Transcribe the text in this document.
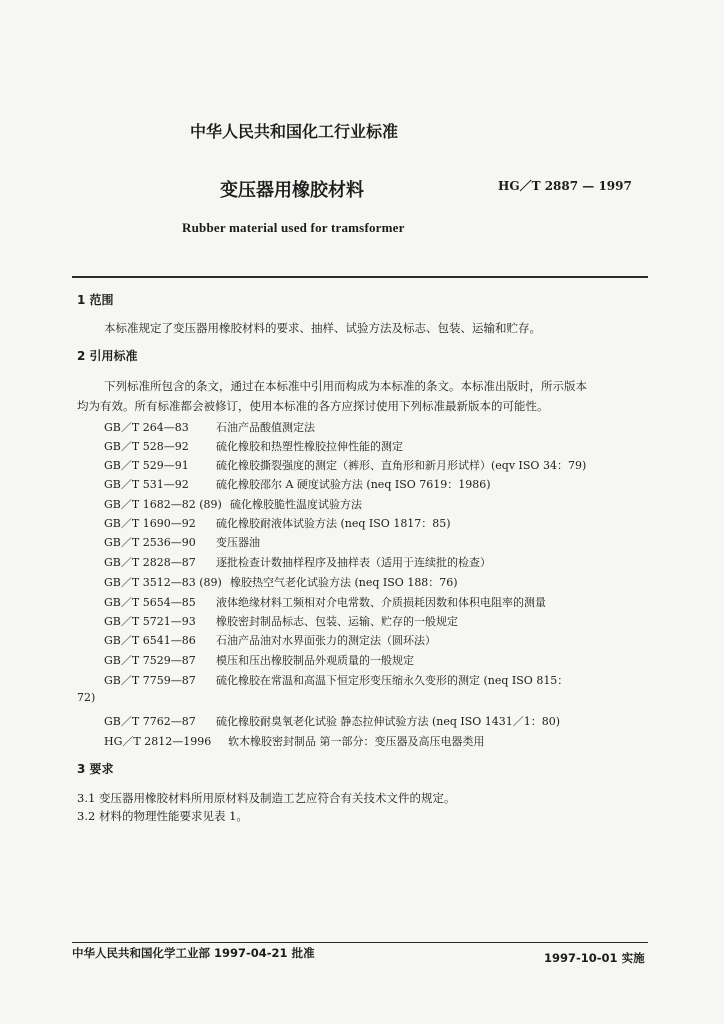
中华人民共和国化工行业标准
变压器用橡胶材料	HG／T 2887 — 1997
Rubber material used for tramsformer
1 范围
本标准规定了变压器用橡胶材料的要求、抽样、试验方法及标志、包装、运输和贮存。
2 引用标准
下列标准所包含的条文，通过在本标准中引用而构成为本标准的条文。本标准出版时，所示版本
均为有效。所有标准都会被修订，使用本标准的各方应探讨使用下列标准最新版本的可能性。
GB／T 264—83 石油产品酸值测定法
GB／T 528—92 硫化橡胶和热塑性橡胶拉伸性能的测定
GB／T 529—91 硫化橡胶撕裂强度的测定（裤形、直角形和新月形试样）(eqv ISO 34：79)
GB／T 531—92 硫化橡胶邵尔 A 硬度试验方法 (neq ISO 7619：1986)
GB／T 1682—82 (89) 硫化橡胶脆性温度试验方法
GB／T 1690—92 硫化橡胶耐液体试验方法 (neq ISO 1817：85)
GB／T 2536—90 变压器油
GB／T 2828—87 逐批检查计数抽样程序及抽样表（适用于连续批的检查）
GB／T 3512—83 (89) 橡胶热空气老化试验方法 (neq ISO 188：76)
GB／T 5654—85 液体绝缘材料工频相对介电常数、介质损耗因数和体积电阻率的测量
GB／T 5721—93 橡胶密封制品标志、包装、运输、贮存的一般规定
GB／T 6541—86 石油产品油对水界面张力的测定法（圆环法）
GB／T 7529—87 模压和压出橡胶制品外观质量的一般规定
GB／T 7759—87 硫化橡胶在常温和高温下恒定形变压缩永久变形的测定 (neq ISO 815：
72)
GB／T 7762—87 硫化橡胶耐臭氧老化试验 静态拉伸试验方法 (neq ISO 1431／1：80)
HG／T 2812—1996 软木橡胶密封制品 第一部分：变压器及高压电器类用
3 要求
3.1 变压器用橡胶材料所用原材料及制造工艺应符合有关技术文件的规定。
3.2 材料的物理性能要求见表 1。
中华人民共和国化学工业部 1997-04-21 批准	1997-10-01 实施
